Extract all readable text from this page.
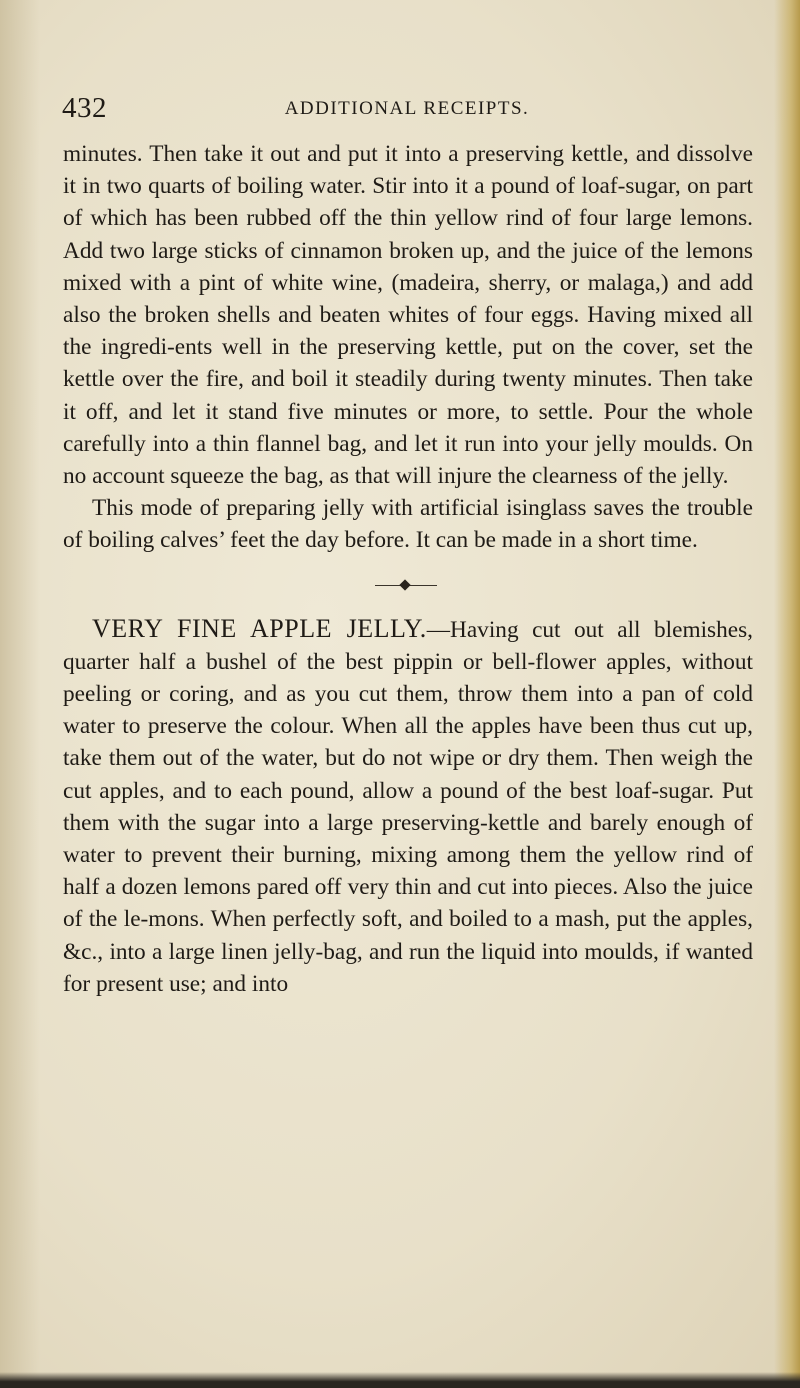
432	ADDITIONAL RECEIPTS.

minutes. Then take it out and put it into a preserving kettle, and dissolve it in two quarts of boiling water. Stir into it a pound of loaf-sugar, on part of which has been rubbed off the thin yellow rind of four large lemons. Add two large sticks of cinnamon broken up, and the juice of the lemons mixed with a pint of white wine, (madeira, sherry, or malaga,) and add also the broken shells and beaten whites of four eggs. Having mixed all the ingredi-ents well in the preserving kettle, put on the cover, set the kettle over the fire, and boil it steadily during twenty minutes. Then take it off, and let it stand five minutes or more, to settle. Pour the whole carefully into a thin flannel bag, and let it run into your jelly moulds. On no account squeeze the bag, as that will injure the clearness of the jelly.

This mode of preparing jelly with artificial isinglass saves the trouble of boiling calves’ feet the day before. It can be made in a short time.

VERY FINE APPLE JELLY.—Having cut out all blemishes, quarter half a bushel of the best pippin or bell-flower apples, without peeling or coring, and as you cut them, throw them into a pan of cold water to preserve the colour. When all the apples have been thus cut up, take them out of the water, but do not wipe or dry them. Then weigh the cut apples, and to each pound, allow a pound of the best loaf-sugar. Put them with the sugar into a large preserving-kettle and barely enough of water to prevent their burning, mixing among them the yellow rind of half a dozen lemons pared off very thin and cut into pieces. Also the juice of the le-mons. When perfectly soft, and boiled to a mash, put the apples, &c., into a large linen jelly-bag, and run the liquid into moulds, if wanted for present use; and into
